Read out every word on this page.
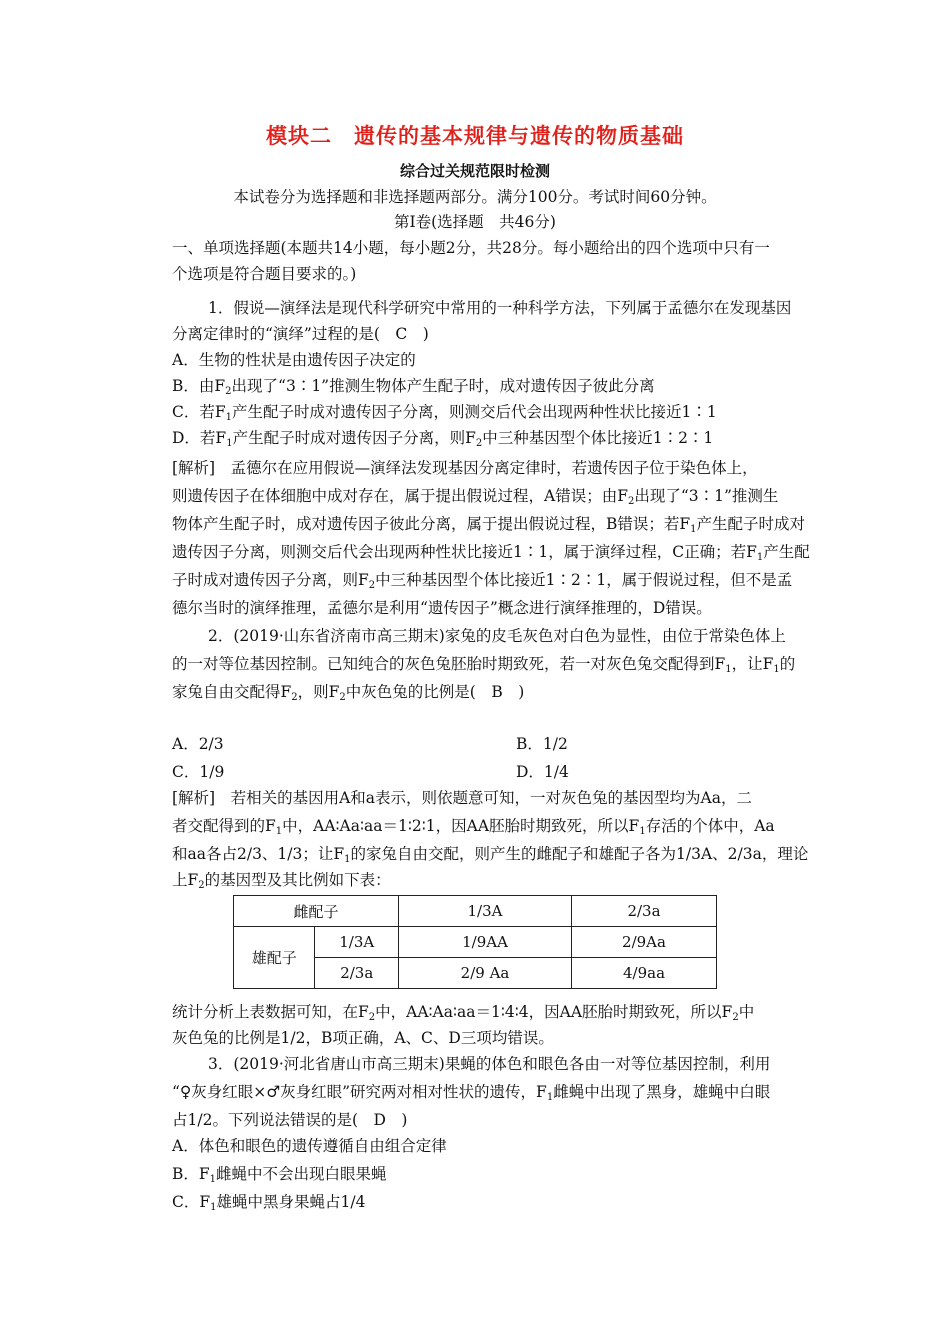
模块二　遗传的基本规律与遗传的物质基础
综合过关规范限时检测
本试卷分为选择题和非选择题两部分。满分100分。考试时间60分钟。
第Ⅰ卷(选择题　共46分)
一、单项选择题(本题共14小题，每小题2分，共28分。每小题给出的四个选项中只有一
个选项是符合题目要求的。)
1．假说—演绎法是现代科学研究中常用的一种科学方法，下列属于孟德尔在发现基因
分离定律时的“演绎”过程的是(　C　)
A．生物的性状是由遗传因子决定的
B．由$F_2$出现了“3∶1”推测生物体产生配子时，成对遗传因子彼此分离
C．若$F_1$产生配子时成对遗传因子分离，则测交后代会出现两种性状比接近1∶1
D．若$F_1$产生配子时成对遗传因子分离，则$F_2$中三种基因型个体比接近1∶2∶1
[解析]　孟德尔在应用假说—演绎法发现基因分离定律时，若遗传因子位于染色体上，
则遗传因子在体细胞中成对存在，属于提出假说过程，A错误；由$F_2$出现了“3∶1”推测生
物体产生配子时，成对遗传因子彼此分离，属于提出假说过程，B错误；若$F_1$产生配子时成对
遗传因子分离，则测交后代会出现两种性状比接近1∶1，属于演绎过程，C正确；若$F_1$产生配
子时成对遗传因子分离，则$F_2$中三种基因型个体比接近1∶2∶1，属于假说过程，但不是孟
德尔当时的演绎推理，孟德尔是利用“遗传因子”概念进行演绎推理的，D错误。
2．(2019·山东省济南市高三期末)家兔的皮毛灰色对白色为显性，由位于常染色体上
的一对等位基因控制。已知纯合的灰色兔胚胎时期致死，若一对灰色兔交配得到$F_1$，让$F_1$的
家兔自由交配得$F_2$，则$F_2$中灰色兔的比例是(　B　)
A．2/3	B．1/2
C．1/9	D．1/4
[解析]　若相关的基因用A和a表示，则依题意可知，一对灰色兔的基因型均为Aa，二
者交配得到的$F_1$中，AA∶Aa∶aa＝1∶2∶1，因AA胚胎时期致死，所以$F_1$存活的个体中，Aa
和aa各占2/3、1/3；让$F_1$的家兔自由交配，则产生的雌配子和雄配子各为1/3A、2/3a，理论
上$F_2$的基因型及其比例如下表：
雌配子		1/3A	2/3a
雄配子	1/3A	1/9AA	2/9Aa
	2/3a	2/9 Aa	4/9aa
统计分析上表数据可知，在$F_2$中，AA∶Aa∶aa＝1∶4∶4，因AA胚胎时期致死，所以$F_2$中
灰色兔的比例是1/2，B项正确，A、C、D三项均错误。
3．(2019·河北省唐山市高三期末)果蝇的体色和眼色各由一对等位基因控制，利用
“♀灰身红眼×♂灰身红眼”研究两对相对性状的遗传，$F_1$雌蝇中出现了黑身，雄蝇中白眼
占1/2。下列说法错误的是(　D　)
A．体色和眼色的遗传遵循自由组合定律
B．$F_1$雌蝇中不会出现白眼果蝇
C．$F_1$雄蝇中黑身果蝇占1/4
